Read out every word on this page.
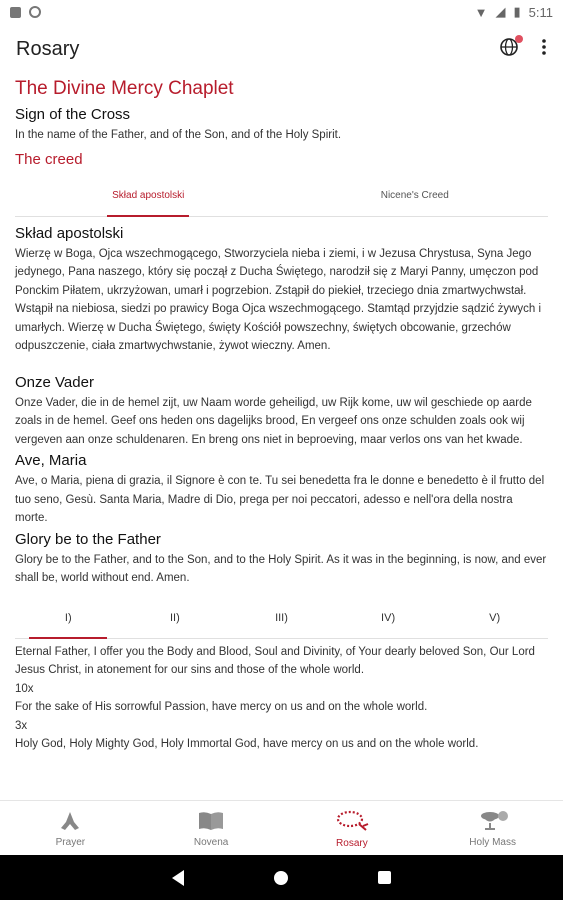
▼ ◢ ▮ 5:11
Rosary
The Divine Mercy Chaplet
Sign of the Cross

In the name of the Father, and of the Son, and of the Holy Spirit.

The creed
Skład apostolski	Nicene's Creed
Skład apostolski

Wierzę w Boga, Ojca wszechmogącego, Stworzyciela nieba i ziemi, i w Jezusa Chrystusa, Syna Jego jedynego, Pana naszego, który się począł z Ducha Świętego, narodził się z Maryi Panny, umęczon pod Ponckim Piłatem, ukrzyżowan, umarł i pogrzebion. Zstąpił do piekieł, trzeciego dnia zmartwychwstał. Wstąpił na niebiosa, siedzi po prawicy Boga Ojca wszechmogącego. Stamtąd przyjdzie sądzić żywych i umarłych. Wierzę w Ducha Świętego, święty Kościół powszechny, świętych obcowanie, grzechów odpuszczenie, ciała zmartwychwstanie, żywot wieczny. Amen.

Onze Vader

Onze Vader, die in de hemel zijt, uw Naam worde geheiligd, uw Rijk kome, uw wil geschiede op aarde zoals in de hemel. Geef ons heden ons dagelijks brood, En vergeef ons onze schulden zoals ook wij vergeven aan onze schuldenaren. En breng ons niet in beproeving, maar verlos ons van het kwade.

Ave, Maria

Ave, o Maria, piena di grazia, il Signore è con te. Tu sei benedetta fra le donne e benedetto è il frutto del tuo seno, Gesù. Santa Maria, Madre di Dio, prega per noi peccatori, adesso e nell'ora della nostra morte.

Glory be to the Father

Glory be to the Father, and to the Son, and to the Holy Spirit. As it was in the beginning, is now, and ever shall be, world without end. Amen.

I)	II)	III)	IV)	V)

Eternal Father, I offer you the Body and Blood, Soul and Divinity, of Your dearly beloved Son, Our Lord Jesus Christ, in atonement for our sins and those of the whole world.

10x

For the sake of His sorrowful Passion, have mercy on us and on the whole world.

3x

Holy God, Holy Mighty God, Holy Immortal God, have mercy on us and on the whole world.

Prayer	Novena	Rosary	Holy Mass
